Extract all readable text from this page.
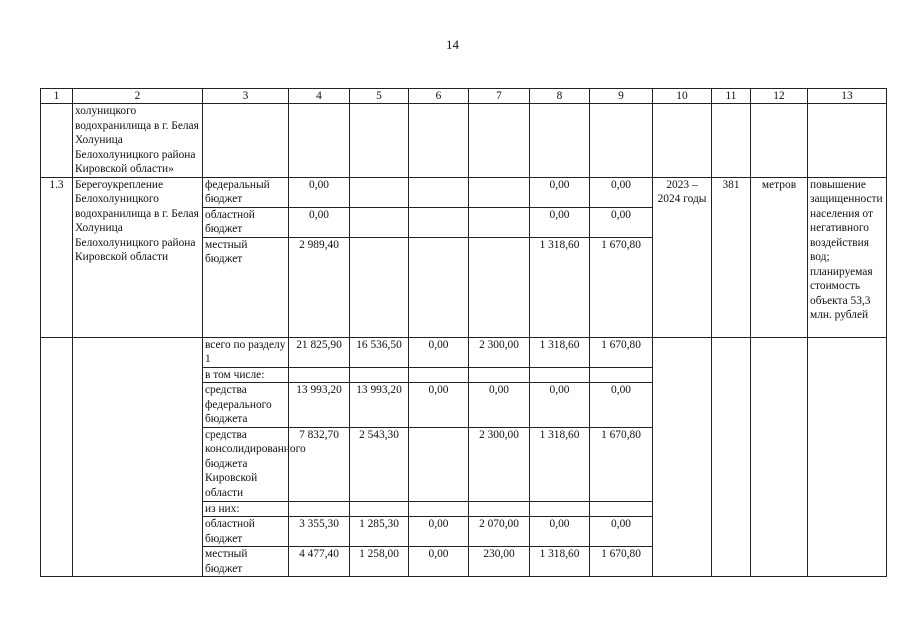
14
1	2	3	4	5	6	7	8	9	10	11	12	13
	холуницкого водохранилища в г. Белая Холуница Белохолуницкого района Кировской области»											
1.3	Берегоукрепление Белохолуницкого водохранилища в г. Белая Холуница Белохолуницкого района Кировской области	федеральный бюджет	0,00				0,00	0,00	2023 – 2024 годы	381	метров	повышение защищенности населения от негативного воздействия вод; планируемая стоимость объекта 53,3 млн. рублей
		областной бюджет	0,00				0,00	0,00				
		местный бюджет	2 989,40				1 318,60	1 670,80				
		всего по разделу 1	21 825,90	16 536,50	0,00	2 300,00	1 318,60	1 670,80				
		в том числе:										
		средства федерального бюджета	13 993,20	13 993,20	0,00	0,00	0,00	0,00				
		средства консолидированного бюджета Кировской области	7 832,70	2 543,30		2 300,00	1 318,60	1 670,80				
		из них:										
		областной бюджет	3 355,30	1 285,30	0,00	2 070,00	0,00	0,00				
		местный бюджет	4 477,40	1 258,00	0,00	230,00	1 318,60	1 670,80				
